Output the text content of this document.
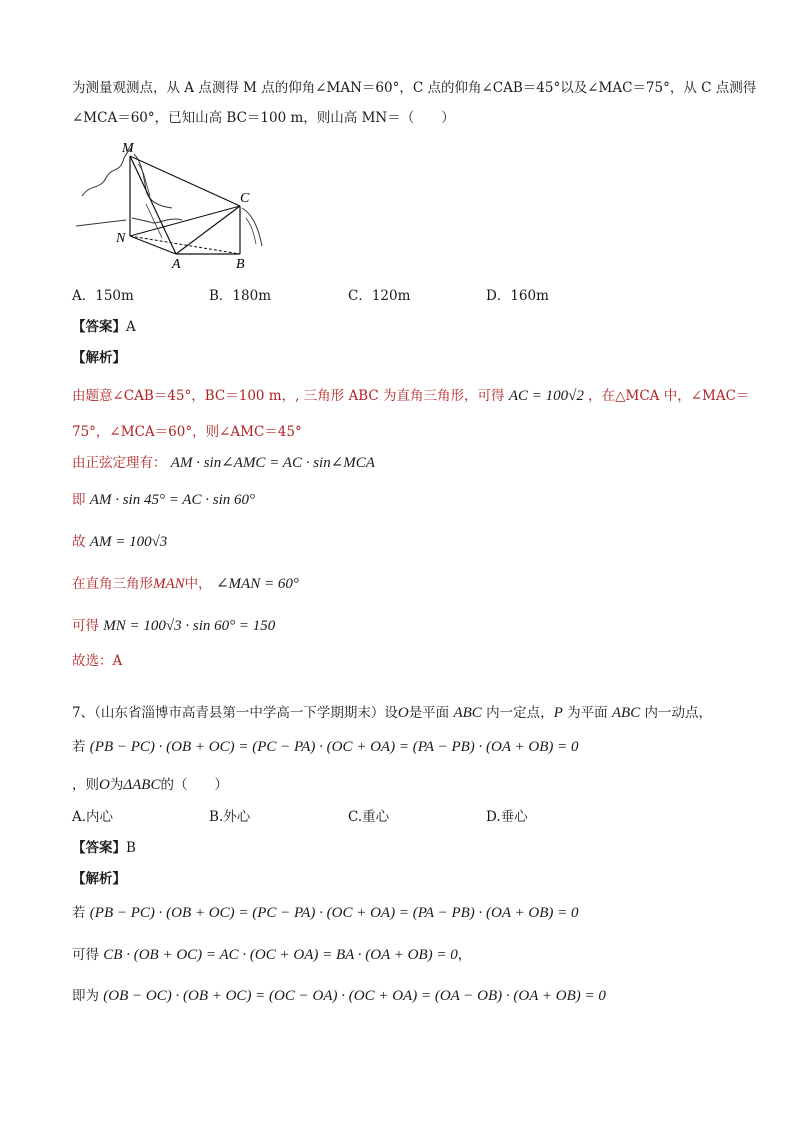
为测量观测点，从 A 点测得 M 点的仰角∠MAN＝60°，C 点的仰角∠CAB＝45°以及∠MAC＝75°，从 C 点测得
∠MCA＝60°，已知山高 BC＝100 m，则山高 MN＝（　　）
M
C
N
A	B
A．150m	B．180m	C．120m	D．160m
【答案】A
【解析】
由题意∠CAB＝45°，BC＝100 m，, 三角形 ABC 为直角三角形，可得 AC = 100√2 ，在△MCA 中，∠MAC＝
75°，∠MCA＝60°，则∠AMC＝45°
由正弦定理有： AM · sin∠AMC = AC · sin∠MCA
即 AM · sin 45° = AC · sin 60°
故 AM = 100√3
在直角三角形MAN中， ∠MAN = 60°
可得 MN = 100√3 · sin 60° = 150
故选：A
7、（山东省淄博市高青县第一中学高一下学期期末）设O是平面 ABC 内一定点，P 为平面 ABC 内一动点，
若 (PB − PC) · (OB + OC) = (PC − PA) · (OC + OA) = (PA − PB) · (OA + OB) = 0
，则O为ΔABC的（　　）
A.内心	B.外心	C.重心	D.垂心
【答案】B
【解析】
若 (PB − PC) · (OB + OC) = (PC − PA) · (OC + OA) = (PA − PB) · (OA + OB) = 0
可得 CB · (OB + OC) = AC · (OC + OA) = BA · (OA + OB) = 0，
即为 (OB − OC) · (OB + OC) = (OC − OA) · (OC + OA) = (OA − OB) · (OA + OB) = 0
